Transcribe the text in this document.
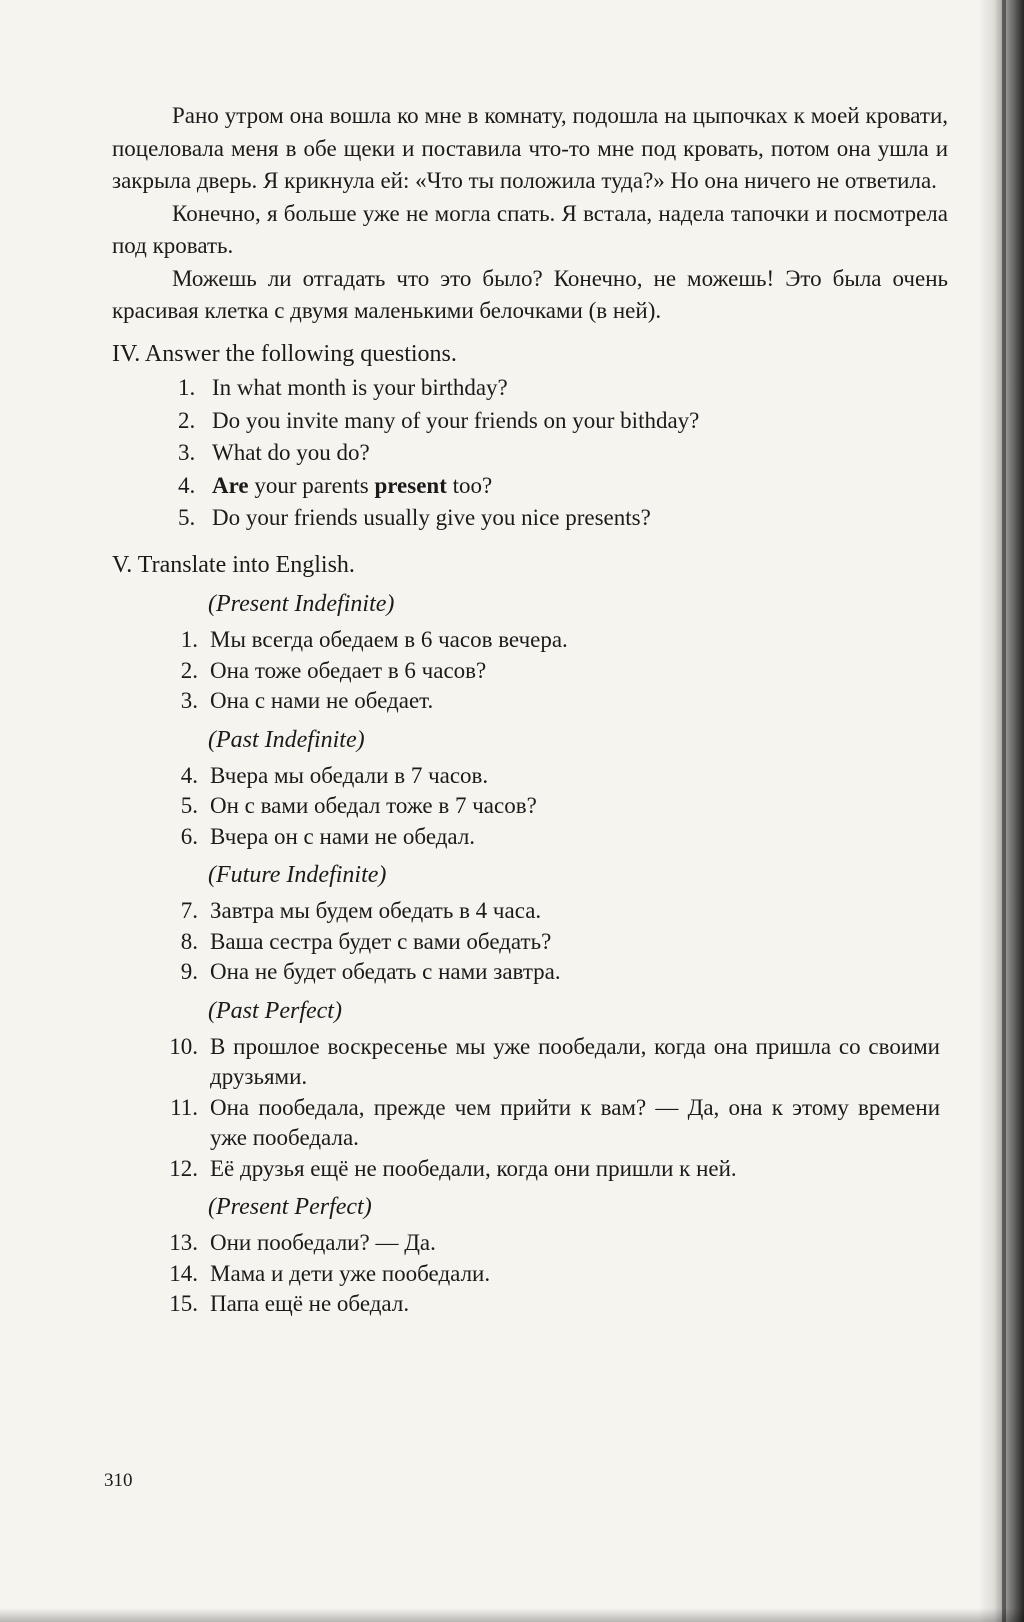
Рано утром она вошла ко мне в комнату, подошла на цыпочках к моей кровати, поцеловала меня в обе щеки и поставила что-то мне под кровать, потом она ушла и закрыла дверь. Я крикнула ей: «Что ты положила туда?» Но она ничего не ответила.

Конечно, я больше уже не могла спать. Я встала, надела тапочки и посмотрела под кровать.

Можешь ли отгадать что это было? Конечно, не можешь! Это была очень красивая клетка с двумя маленькими белочками (в ней).

IV. Answer the following questions.
1. In what month is your birthday?
2. Do you invite many of your friends on your bithday?
3. What do you do?
4. Are your parents present too?
5. Do your friends usually give you nice presents?
V. Translate into English.
(Present Indefinite)
1. Мы всегда обедаем в 6 часов вечера.
2. Она тоже обедает в 6 часов?
3. Она с нами не обедает.
(Past Indefinite)
4. Вчера мы обедали в 7 часов.
5. Он с вами обедал тоже в 7 часов?
6. Вчера он с нами не обедал.
(Future Indefinite)
7. Завтра мы будем обедать в 4 часа.
8. Ваша сестра будет с вами обедать?
9. Она не будет обедать с нами завтра.
(Past Perfect)
10. В прошлое воскресенье мы уже пообедали, когда она пришла со своими друзьями.
11. Она пообедала, прежде чем прийти к вам? — Да, она к этому времени уже пообедала.
12. Её друзья ещё не пообедали, когда они пришли к ней.
(Present Perfect)
13. Они пообедали? — Да.
14. Мама и дети уже пообедали.
15. Папа ещё не обедал.
310
